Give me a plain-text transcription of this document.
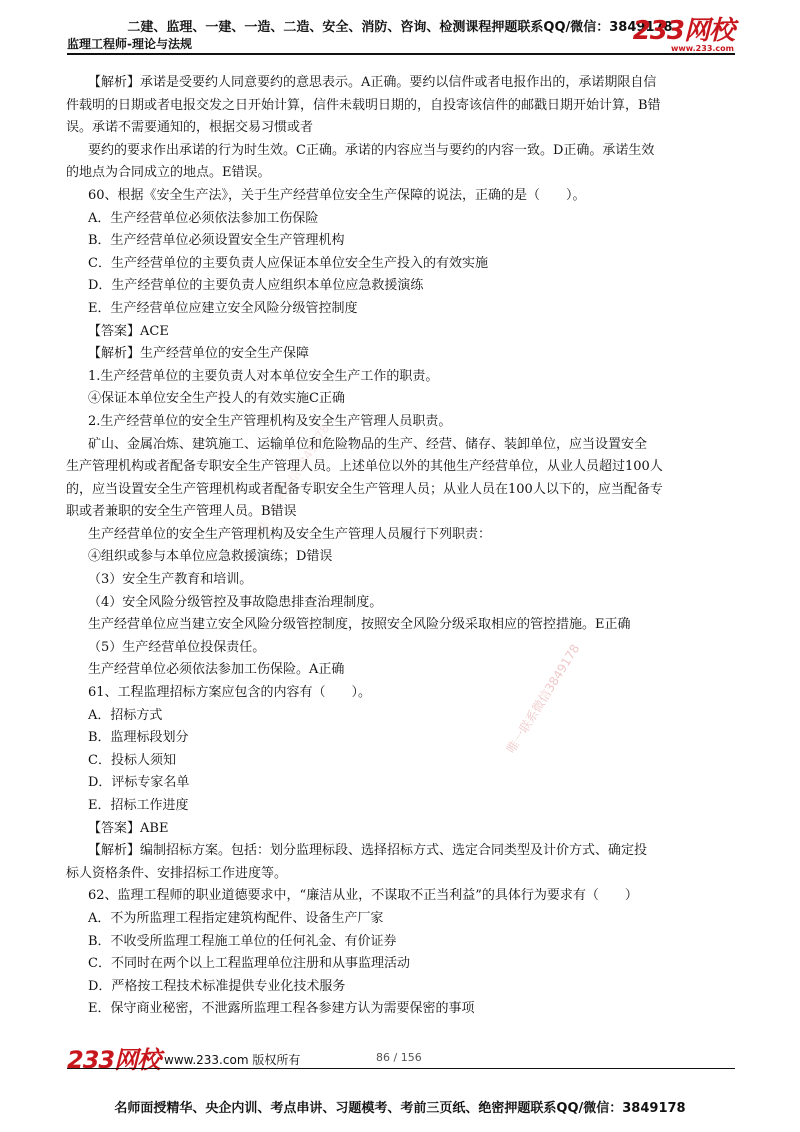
二建、监理、一建、一造、二造、安全、消防、咨询、检测课程押题联系QQ/微信：3849178
监理工程师-理论与法规	233网校
www.233.com
唯一联系微信3849178
唯一联系微信3849178

【解析】承诺是受要约人同意要约的意思表示。A正确。要约以信件或者电报作出的，承诺期限自信

件载明的日期或者电报交发之日开始计算，信件未载明日期的，自投寄该信件的邮戳日期开始计算，B错

误。承诺不需要通知的，根据交易习惯或者

要约的要求作出承诺的行为时生效。C正确。承诺的内容应当与要约的内容一致。D正确。承诺生效

的地点为合同成立的地点。E错误。

60、根据《安全生产法》，关于生产经营单位安全生产保障的说法，正确的是（　　）。

A．生产经营单位必须依法参加工伤保险

B．生产经营单位必须设置安全生产管理机构

C．生产经营单位的主要负责人应保证本单位安全生产投入的有效实施

D．生产经营单位的主要负责人应组织本单位应急救援演练

E．生产经营单位应建立安全风险分级管控制度

【答案】ACE

【解析】生产经营单位的安全生产保障

1.生产经营单位的主要负责人对本单位安全生产工作的职责。

④保证本单位安全生产投人的有效实施C正确

2.生产经营单位的安全生产管理机构及安全生产管理人员职责。

矿山、金属冶炼、建筑施工、运输单位和危险物品的生产、经营、储存、装卸单位，应当设置安全

生产管理机构或者配备专职安全生产管理人员。上述单位以外的其他生产经营单位，从业人员超过100人

的，应当设置安全生产管理机构或者配备专职安全生产管理人员；从业人员在100人以下的，应当配备专

职或者兼职的安全生产管理人员。B错误

生产经营单位的安全生产管理机构及安全生产管理人员履行下列职责：

④组织或参与本单位应急救援演练；D错误

（3）安全生产教育和培训。

（4）安全风险分级管控及事故隐患排查治理制度。

生产经营单位应当建立安全风险分级管控制度，按照安全风险分级采取相应的管控措施。E正确

（5）生产经营单位投保责任。

生产经营单位必须依法参加工伤保险。A正确

61、工程监理招标方案应包含的内容有（　　）。

A．招标方式

B．监理标段划分

C．投标人须知

D．评标专家名单

E．招标工作进度

【答案】ABE

【解析】编制招标方案。包括：划分监理标段、选择招标方式、选定合同类型及计价方式、确定投

标人资格条件、安排招标工作进度等。

62、监理工程师的职业道德要求中，“廉洁从业，不谋取不正当利益”的具体行为要求有（　　）

A．不为所监理工程指定建筑构配件、设备生产厂家

B．不收受所监理工程施工单位的任何礼金、有价证券

C．不同时在两个以上工程监理单位注册和从事监理活动

D．严格按工程技术标准提供专业化技术服务

E．保守商业秘密，不泄露所监理工程各参建方认为需要保密的事项

233网校 www.233.com 版权所有	86 / 156
名师面授精华、央企内训、考点串讲、习题模考、考前三页纸、绝密押题联系QQ/微信：3849178
